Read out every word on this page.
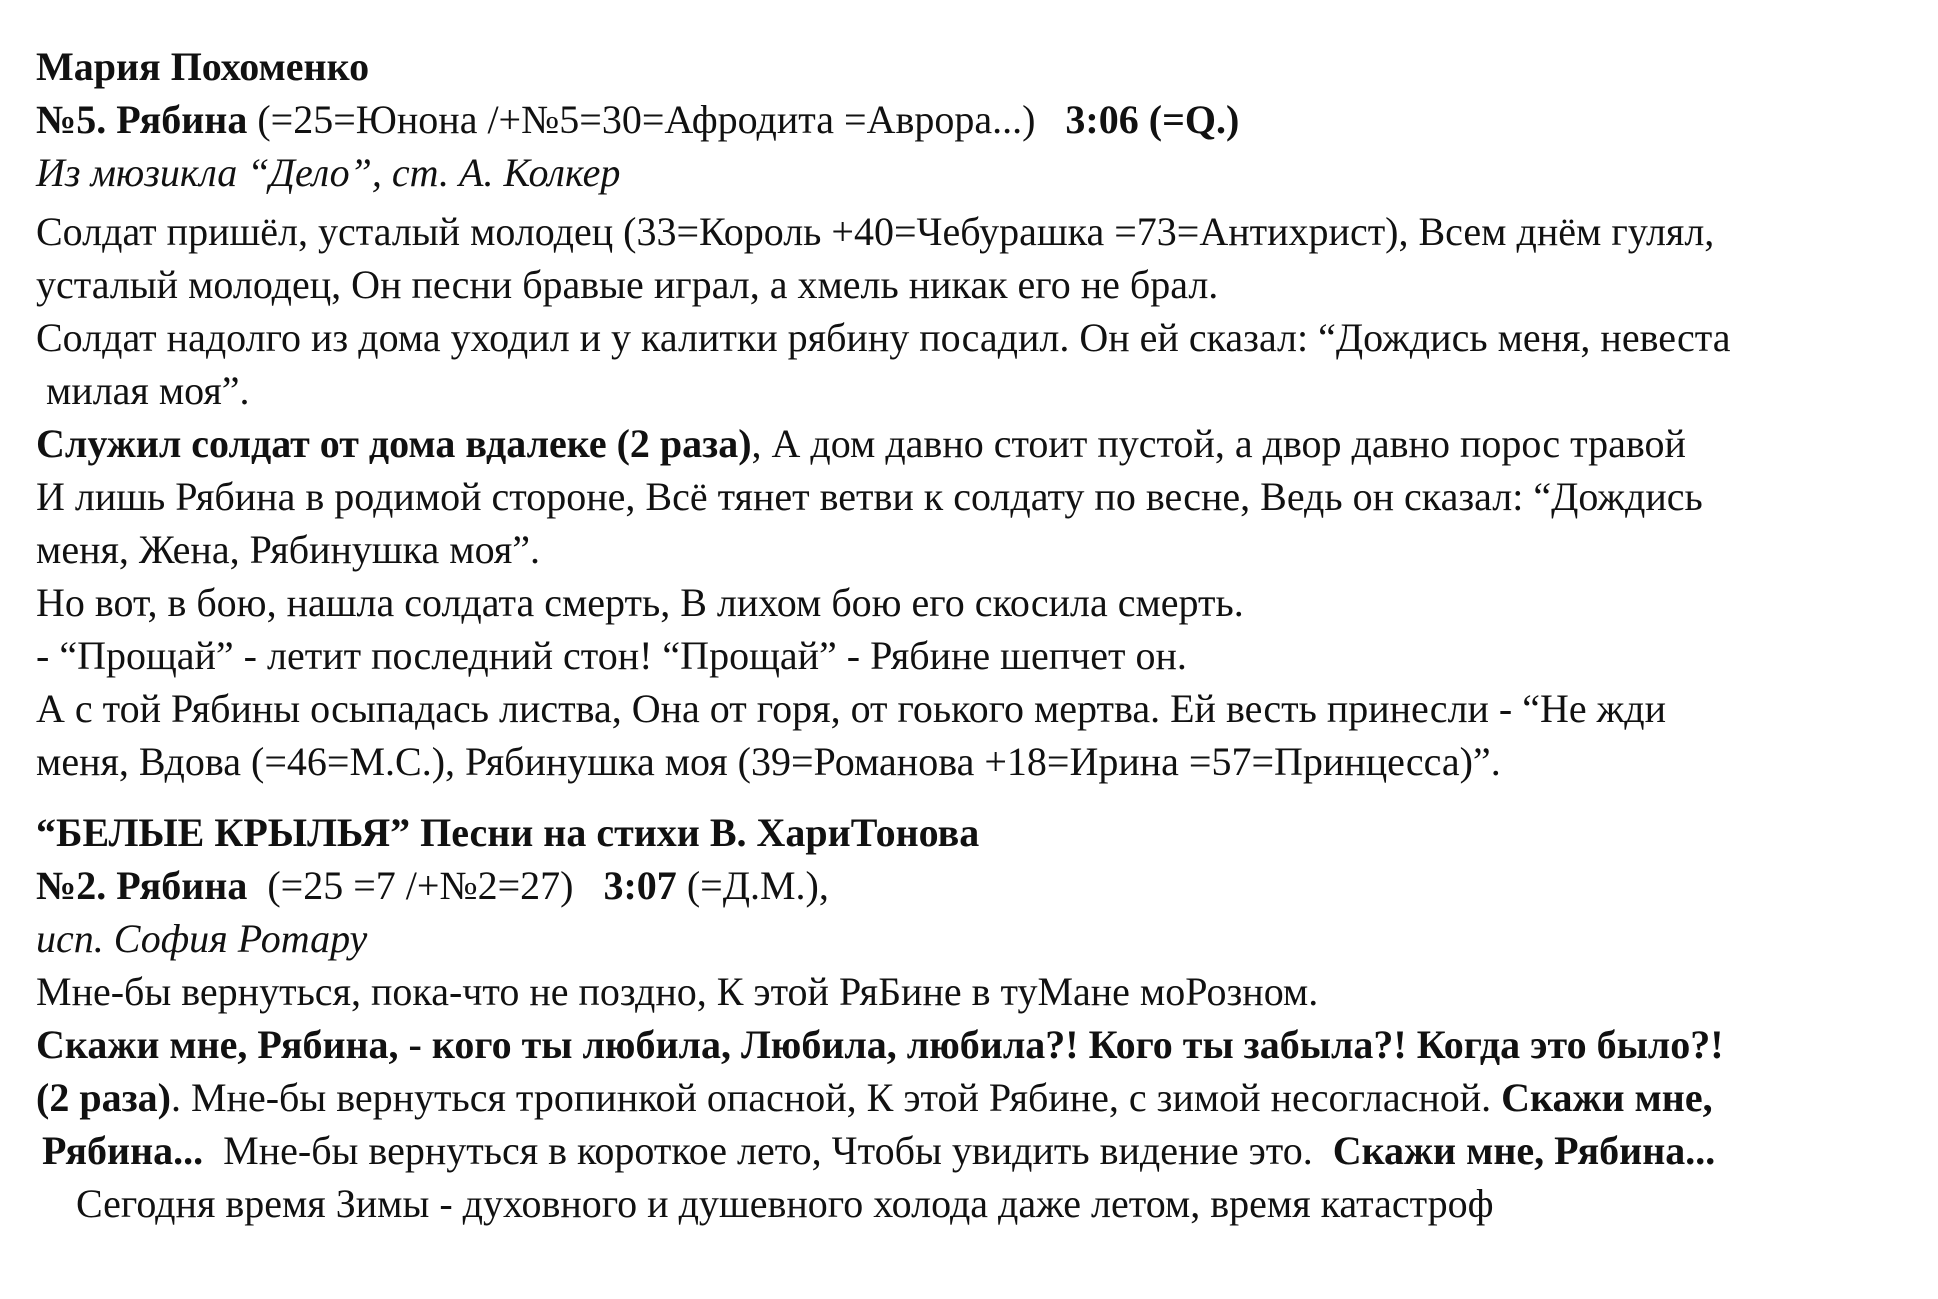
Мария Похоменко
№5. Рябина (=25=Юнона /+№5=30=Афродита =Аврора...)   3:06 (=Q.)
Из мюзикла “Дело”, ст. А. Колкер
Солдат пришёл, усталый молодец (33=Король +40=Чебурашка =73=Антихрист), Всем днём гулял,
усталый молодец, Он песни бравые играл, а хмель никак его не брал.
Солдат надолго из дома уходил и у калитки рябину посадил. Он ей сказал: “Дождись меня, невеста
милая моя”.
Служил солдат от дома вдалеке (2 раза), А дом давно стоит пустой, а двор давно порос травой
И лишь Рябина в родимой стороне, Всё тянет ветви к солдату по весне, Ведь он сказал: “Дождись
меня, Жена, Рябинушка моя”.
Но вот, в бою, нашла солдата смерть, В лихом бою его скосила смерть.
- “Прощай” - летит последний стон! “Прощай” - Рябине шепчет он.
А с той Рябины осыпадась листва, Она от горя, от гоького мертва. Ей весть принесли - “Не жди
меня, Вдова (=46=М.С.), Рябинушка моя (39=Романова +18=Ирина =57=Принцесса)”.
“БЕЛЫЕ КРЫЛЬЯ” Песни на стихи В. ХариТонова
№2. Рябина  (=25 =7 /+№2=27)   3:07 (=Д.М.),
исп. София Ротару
Мне-бы вернуться, пока-что не поздно, К этой РяБине в туМане моРозном.
Скажи мне, Рябина, - кого ты любила, Любила, любила?! Кого ты забыла?! Когда это было?!
(2 раза). Мне-бы вернуться тропинкой опасной, К этой Рябине, с зимой несогласной. Скажи мне,
Рябина...  Мне-бы вернуться в короткое лето, Чтобы увидить видение это.  Скажи мне, Рябина...
Сегодня время Зимы - духовного и душевного холода даже летом, время катастроф
